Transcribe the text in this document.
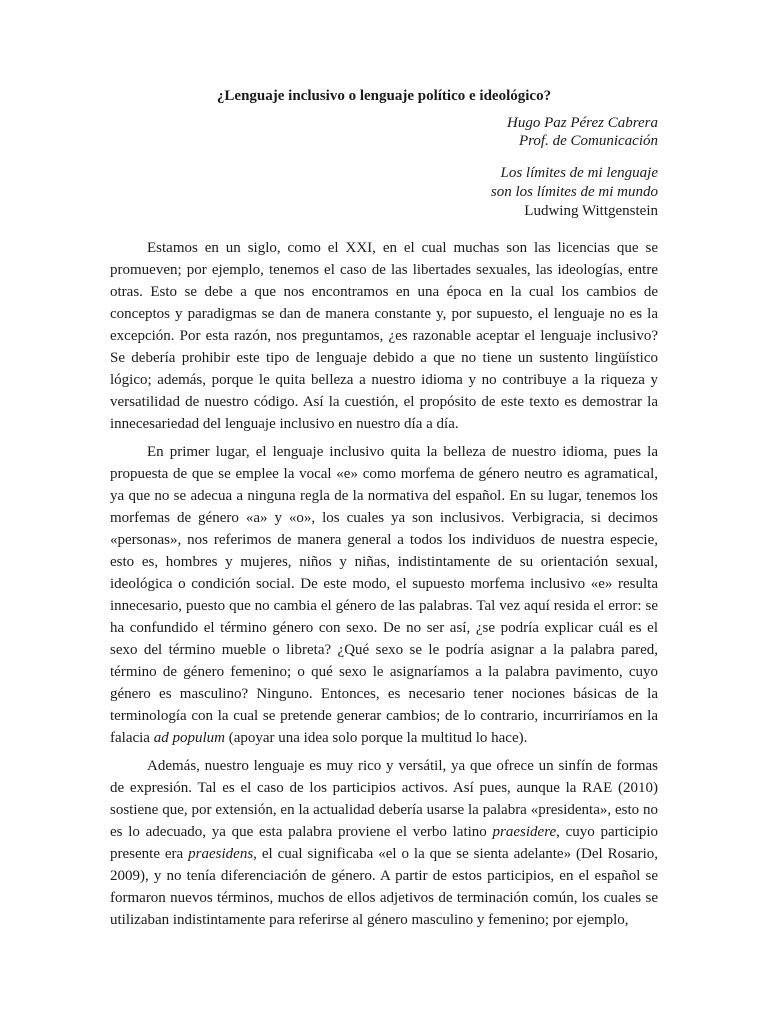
¿Lenguaje inclusivo o lenguaje político e ideológico?
Hugo Paz Pérez Cabrera
Prof. de Comunicación
Los límites de mi lenguaje
son los límites de mi mundo
Ludwing Wittgenstein

Estamos en un siglo, como el XXI, en el cual muchas son las licencias que se promueven; por ejemplo, tenemos el caso de las libertades sexuales, las ideologías, entre otras. Esto se debe a que nos encontramos en una época en la cual los cambios de conceptos y paradigmas se dan de manera constante y, por supuesto, el lenguaje no es la excepción. Por esta razón, nos preguntamos, ¿es razonable aceptar el lenguaje inclusivo? Se debería prohibir este tipo de lenguaje debido a que no tiene un sustento lingüístico lógico; además, porque le quita belleza a nuestro idioma y no contribuye a la riqueza y versatilidad de nuestro código. Así la cuestión, el propósito de este texto es demostrar la innecesariedad del lenguaje inclusivo en nuestro día a día.

En primer lugar, el lenguaje inclusivo quita la belleza de nuestro idioma, pues la propuesta de que se emplee la vocal «e» como morfema de género neutro es agramatical, ya que no se adecua a ninguna regla de la normativa del español. En su lugar, tenemos los morfemas de género «a» y «o», los cuales ya son inclusivos. Verbigracia, si decimos «personas», nos referimos de manera general a todos los individuos de nuestra especie, esto es, hombres y mujeres, niños y niñas, indistintamente de su orientación sexual, ideológica o condición social. De este modo, el supuesto morfema inclusivo «e» resulta innecesario, puesto que no cambia el género de las palabras. Tal vez aquí resida el error: se ha confundido el término género con sexo. De no ser así, ¿se podría explicar cuál es el sexo del término mueble o libreta? ¿Qué sexo se le podría asignar a la palabra pared, término de género femenino; o qué sexo le asignaríamos a la palabra pavimento, cuyo género es masculino? Ninguno. Entonces, es necesario tener nociones básicas de la terminología con la cual se pretende generar cambios; de lo contrario, incurriríamos en la falacia ad populum (apoyar una idea solo porque la multitud lo hace).

Además, nuestro lenguaje es muy rico y versátil, ya que ofrece un sinfín de formas de expresión. Tal es el caso de los participios activos. Así pues, aunque la RAE (2010) sostiene que, por extensión, en la actualidad debería usarse la palabra «presidenta», esto no es lo adecuado, ya que esta palabra proviene el verbo latino praesidere, cuyo participio presente era praesidens, el cual significaba «el o la que se sienta adelante» (Del Rosario, 2009), y no tenía diferenciación de género. A partir de estos participios, en el español se formaron nuevos términos, muchos de ellos adjetivos de terminación común, los cuales se utilizaban indistintamente para referirse al género masculino y femenino; por ejemplo,
